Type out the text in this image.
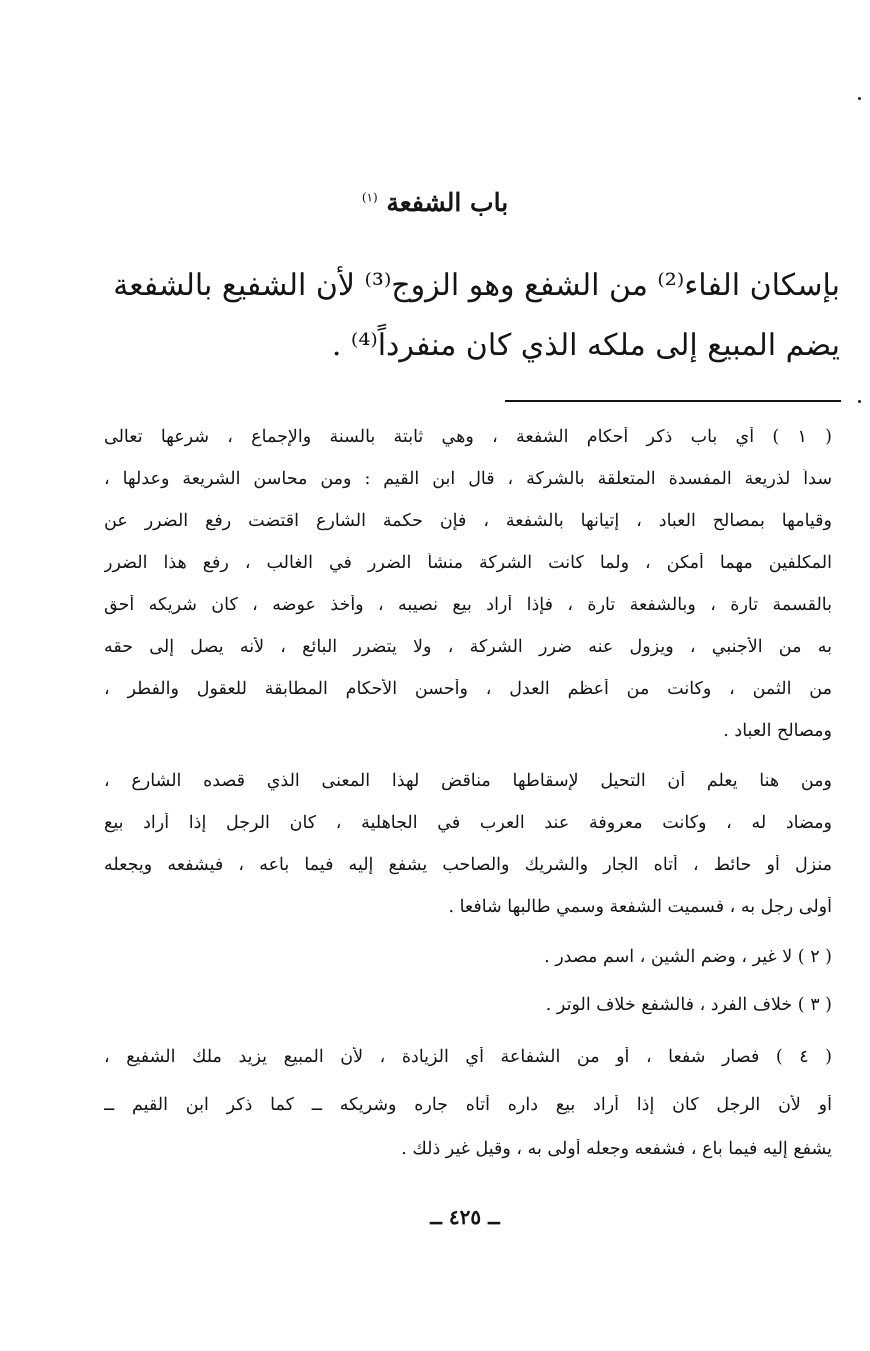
باب الشفعة $^{(١)}$
بإسكان الفاء⁽²⁾ من الشفع وهو الزوج⁽³⁾ لأن الشفيع بالشفعة
يضم المبيع إلى ملكه الذي كان منفرداً⁽⁴⁾ .
( ١ ) أي باب ذكر أحكام الشفعة ، وهي ثابتة بالسنة والإجماع ، شرعها تعالى
سداً لذريعة المفسدة المتعلقة بالشركة ، قال ابن القيم : ومن محاسن الشريعة وعدلها ،
وقيامها بمصالح العباد ، إتيانها بالشفعة ، فإن حكمة الشارع اقتضت رفع الضرر عن
المكلفين مهما أمكن ، ولما كانت الشركة منشأ الضرر في الغالب ، رفع هذا الضرر
بالقسمة تارة ، وبالشفعة تارة ، فإذا أراد بيع نصيبه ، وأخذ عوضه ، كان شريكه أحق
به من الأجنبي ، ويزول عنه ضرر الشركة ، ولا يتضرر البائع ، لأنه يصل إلى حقه
من الثمن ، وكانت من أعظم العدل ، وأحسن الأحكام المطابقة للعقول والفطر ،
ومصالح العباد .
ومن هنا يعلم أن التحيل لإسقاطها مناقض لهذا المعنى الذي قصده الشارع ،
ومضاد له ، وكانت معروفة عند العرب في الجاهلية ، كان الرجل إذا أراد بيع
منزل أو حائط ، أتاه الجار والشريك والصاحب يشفع إليه فيما باعه ، فيشفعه ويجعله
أولى رجل به ، فسميت الشفعة وسمي طالبها شافعا .
( ٢ ) لا غير ، وضم الشين ، اسم مصدر .
( ٣ ) خلاف الفرد ، فالشفع خلاف الوتر .
( ٤ ) فصار شفعا ، أو من الشفاعة أي الزيادة ، لأن المبيع يزيد ملك الشفيع ،
أو لأن الرجل كان إذا أراد بيع داره أتاه جاره وشريكه ــ كما ذكر ابن القيم ــ
يشفع إليه فيما باع ، فشفعه وجعله أولى به ، وقيل غير ذلك .
ــ ٤٢٥ ــ
